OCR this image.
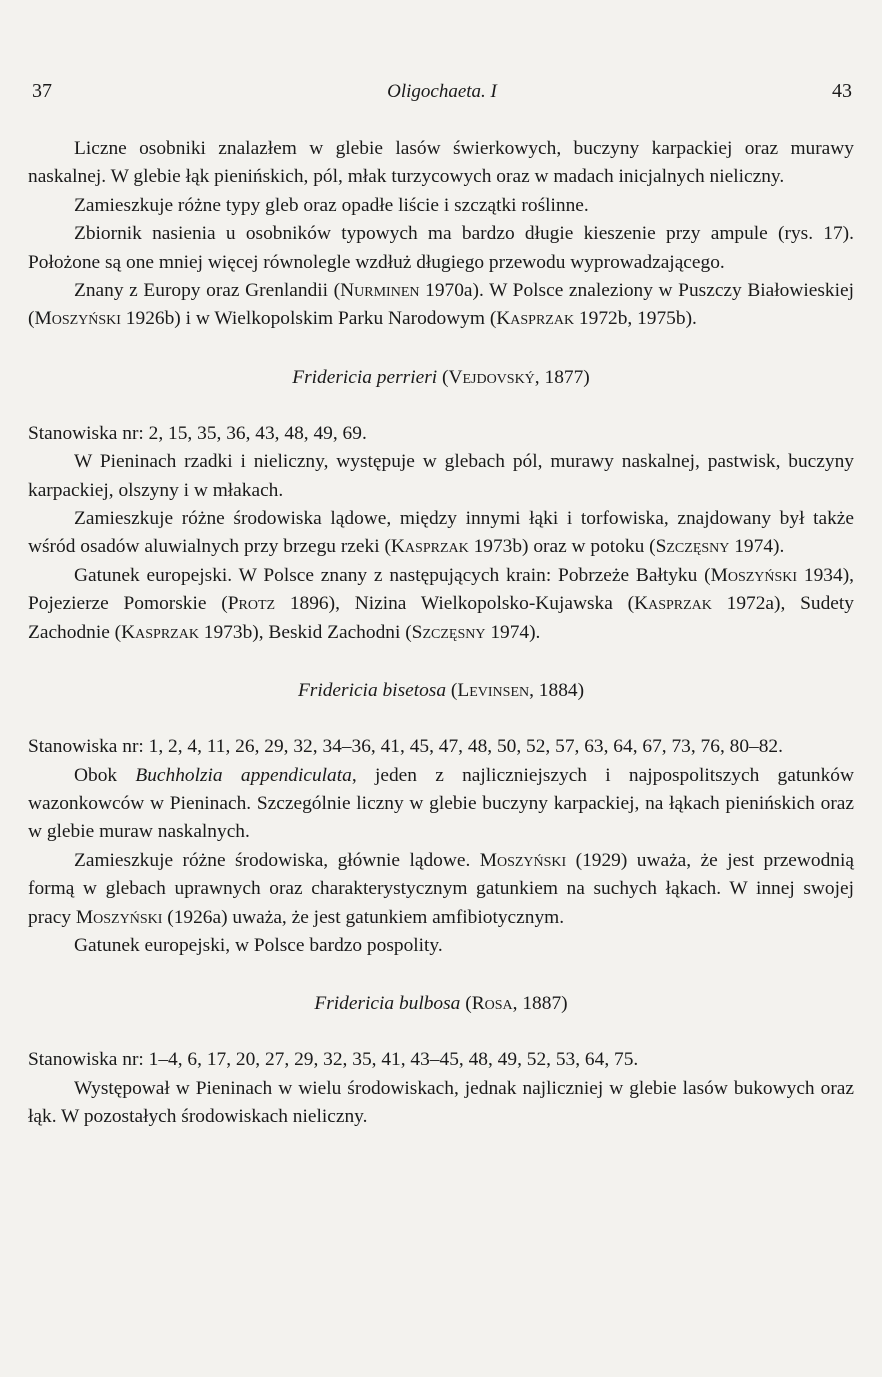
37	Oligochaeta. I	43

Liczne osobniki znalazłem w glebie lasów świerkowych, buczyny karpackiej oraz murawy naskalnej. W glebie łąk pienińskich, pól, młak turzycowych oraz w madach inicjalnych nieliczny.

Zamieszkuje różne typy gleb oraz opadłe liście i szczątki roślinne.

Zbiornik nasienia u osobników typowych ma bardzo długie kieszenie przy ampule (rys. 17). Położone są one mniej więcej równolegle wzdłuż długiego przewodu wyprowadzającego.

Znany z Europy oraz Grenlandii (Nurminen 1970a). W Polsce znaleziony w Puszczy Białowieskiej (Moszyński 1926b) i w Wielkopolskim Parku Narodowym (Kasprzak 1972b, 1975b).

Fridericia perrieri (Vejdovský, 1877)

Stanowiska nr: 2, 15, 35, 36, 43, 48, 49, 69.

W Pieninach rzadki i nieliczny, występuje w glebach pól, murawy naskalnej, pastwisk, buczyny karpackiej, olszyny i w młakach.

Zamieszkuje różne środowiska lądowe, między innymi łąki i torfowiska, znajdowany był także wśród osadów aluwialnych przy brzegu rzeki (Kasprzak 1973b) oraz w potoku (Szczęsny 1974).

Gatunek europejski. W Polsce znany z następujących krain: Pobrzeże Bałtyku (Moszyński 1934), Pojezierze Pomorskie (Protz 1896), Nizina Wielkopolsko-Kujawska (Kasprzak 1972a), Sudety Zachodnie (Kasprzak 1973b), Beskid Zachodni (Szczęsny 1974).

Fridericia bisetosa (Levinsen, 1884)

Stanowiska nr: 1, 2, 4, 11, 26, 29, 32, 34–36, 41, 45, 47, 48, 50, 52, 57, 63, 64, 67, 73, 76, 80–82.

Obok Buchholzia appendiculata, jeden z najliczniejszych i najpospolitszych gatunków wazonkowców w Pieninach. Szczególnie liczny w glebie buczyny karpackiej, na łąkach pienińskich oraz w glebie muraw naskalnych.

Zamieszkuje różne środowiska, głównie lądowe. Moszyński (1929) uważa, że jest przewodnią formą w glebach uprawnych oraz charakterystycznym gatunkiem na suchych łąkach. W innej swojej pracy Moszyński (1926a) uważa, że jest gatunkiem amfibiotycznym.

Gatunek europejski, w Polsce bardzo pospolity.

Fridericia bulbosa (Rosa, 1887)

Stanowiska nr: 1–4, 6, 17, 20, 27, 29, 32, 35, 41, 43–45, 48, 49, 52, 53, 64, 75.

Występował w Pieninach w wielu środowiskach, jednak najliczniej w glebie lasów bukowych oraz łąk. W pozostałych środowiskach nieliczny.
